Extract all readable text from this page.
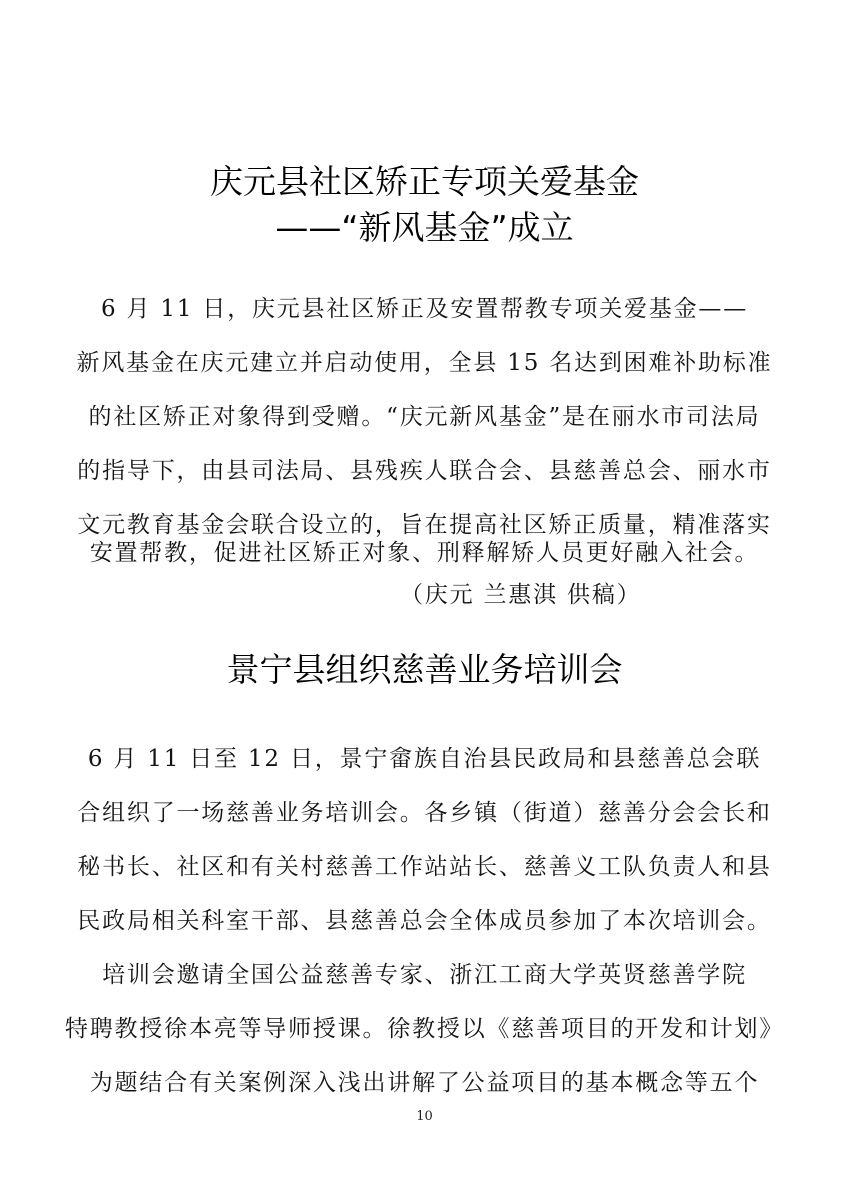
庆元县社区矫正专项关爱基金
——“新风基金”成立
6 月 11 日，庆元县社区矫正及安置帮教专项关爱基金——
新风基金在庆元建立并启动使用，全县 15 名达到困难补助标准
的社区矫正对象得到受赠。“庆元新风基金”是在丽水市司法局
的指导下，由县司法局、县残疾人联合会、县慈善总会、丽水市
文元教育基金会联合设立的，旨在提高社区矫正质量，精准落实
安置帮教，促进社区矫正对象、刑释解矫人员更好融入社会。
（庆元 兰惠淇 供稿）
景宁县组织慈善业务培训会
6 月 11 日至 12 日，景宁畲族自治县民政局和县慈善总会联
合组织了一场慈善业务培训会。各乡镇（街道）慈善分会会长和
秘书长、社区和有关村慈善工作站站长、慈善义工队负责人和县
民政局相关科室干部、县慈善总会全体成员参加了本次培训会。
培训会邀请全国公益慈善专家、浙江工商大学英贤慈善学院
特聘教授徐本亮等导师授课。徐教授以《慈善项目的开发和计划》
为题结合有关案例深入浅出讲解了公益项目的基本概念等五个
10
